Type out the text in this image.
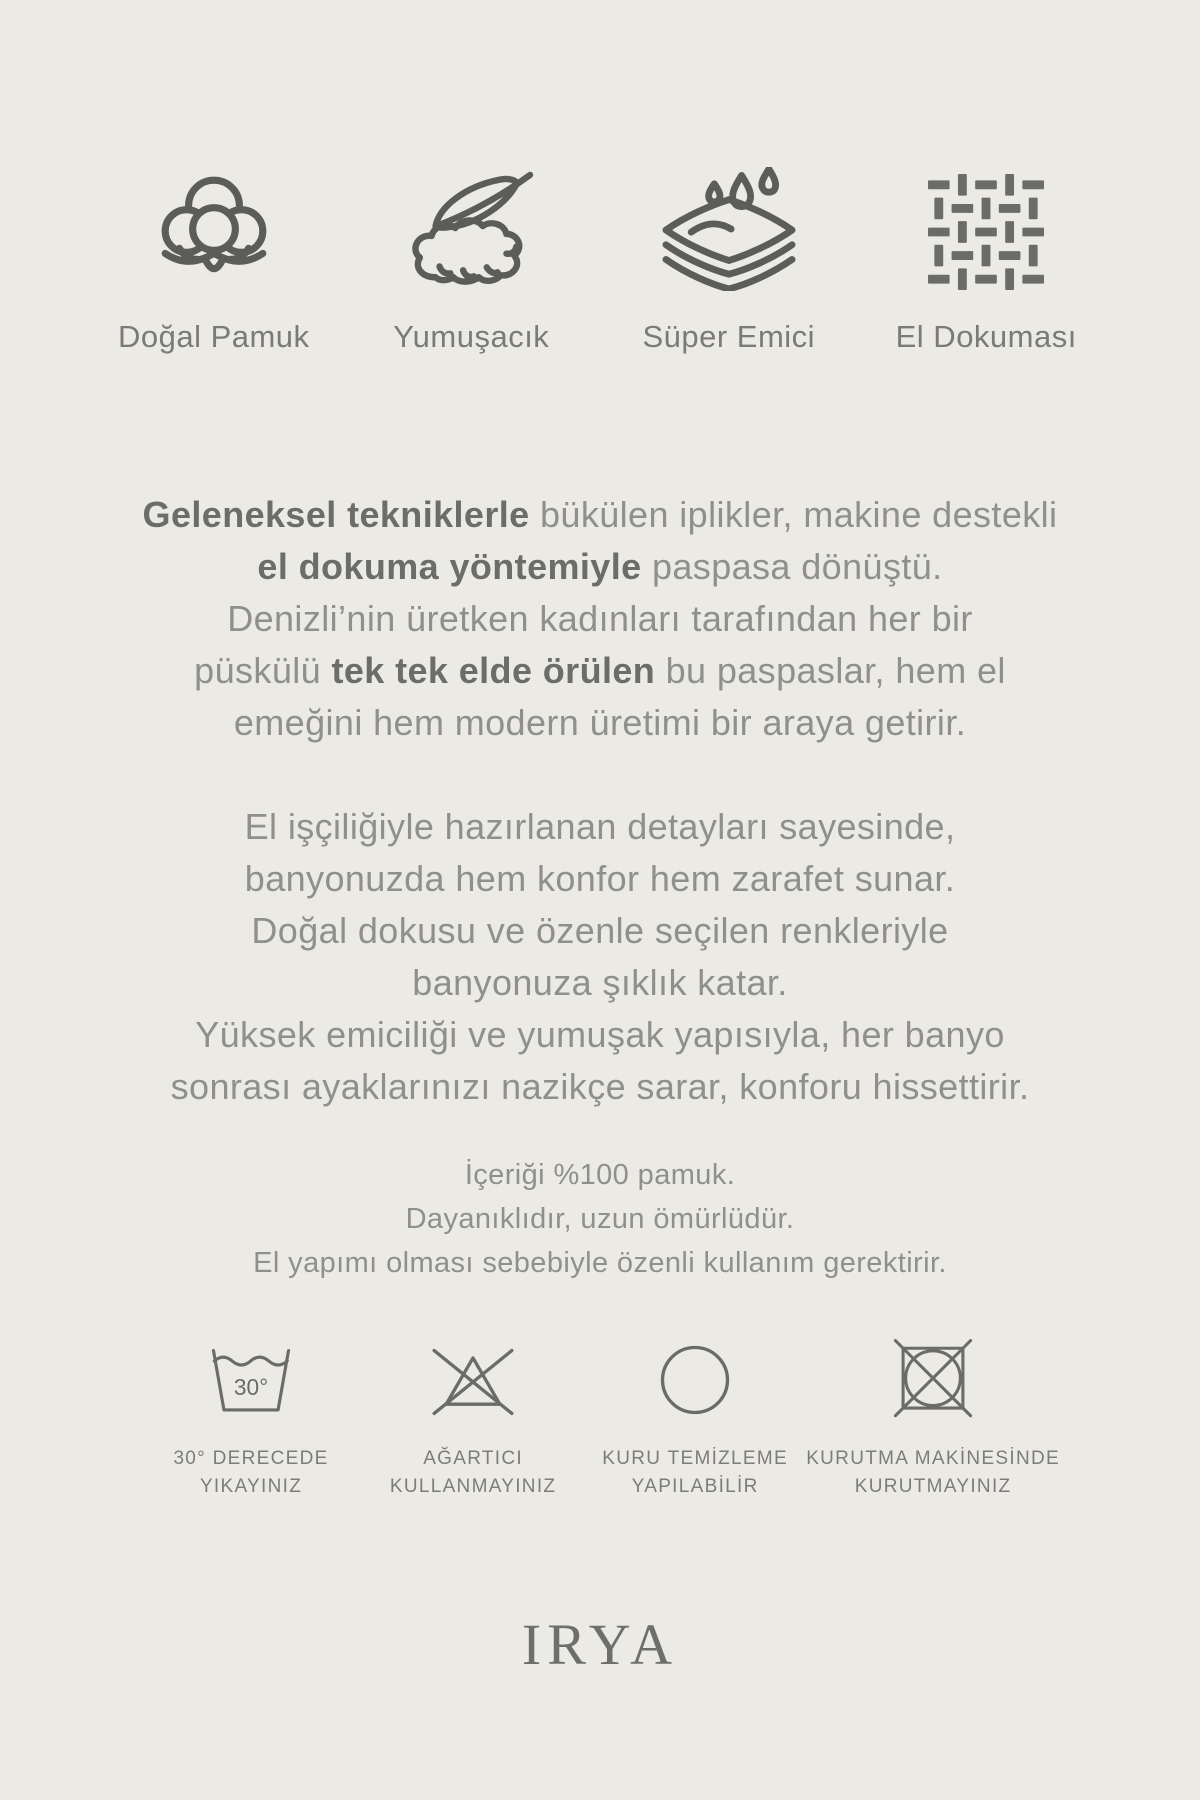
Doğal Pamuk	Yumuşacık	Süper Emici	El Dokuması
Geleneksel tekniklerle bükülen iplikler, makine destekli
el dokuma yöntemiyle paspasa dönüştü.
Denizli’nin üretken kadınları tarafından her bir
püskülü tek tek elde örülen bu paspaslar, hem el
emeğini hem modern üretimi bir araya getirir.
El işçiliğiyle hazırlanan detayları sayesinde,
banyonuzda hem konfor hem zarafet sunar.
Doğal dokusu ve özenle seçilen renkleriyle
banyonuza şıklık katar.
Yüksek emiciliği ve yumuşak yapısıyla, her banyo
sonrası ayaklarınızı nazikçe sarar, konforu hissettirir.
İçeriği %100 pamuk.
Dayanıklıdır, uzun ömürlüdür.
El yapımı olması sebebiyle özenli kullanım gerektirir.
30°
30° DERECEDE
YIKAYINIZ
AĞARTICI
KULLANMAYINIZ
KURU TEMİZLEME
YAPILABİLİR
KURUTMA MAKİNESİNDE
KURUTMAYINIZ
IRYA
